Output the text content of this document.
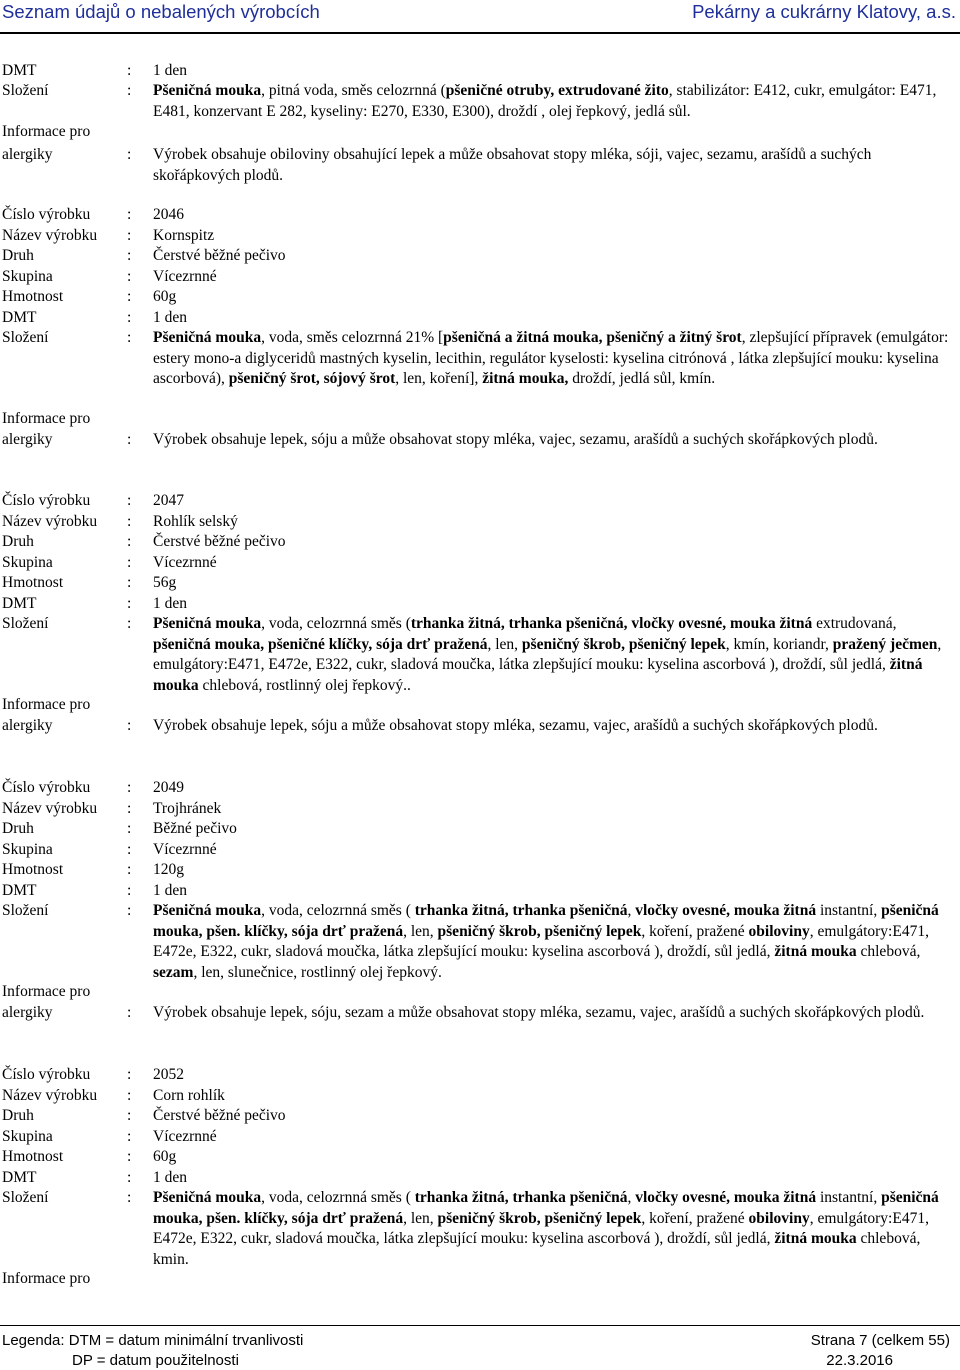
Seznam údajů o nebalených výrobcích	Pekárny a cukrárny Klatovy, a.s.
DMT	: 1 den
Složení	: Pšeničná mouka, pitná voda, směs celozrnná (pšeničné otruby, extrudované žito, stabilizátor: E412, cukr, emulgátor: E471, E481, konzervant E 282, kyseliny: E270, E330, E300), droždí , olej řepkový, jedlá sůl.
Informace pro
alergiky	: Výrobek obsahuje obiloviny obsahující lepek a může obsahovat stopy mléka, sóji, vajec, sezamu, arašídů a suchých skořápkových plodů.
Číslo výrobku : 2046
Název výrobku : Kornspitz
Druh	: Čerstvé běžné pečivo
Skupina	: Vícezrnné
Hmotnost	: 60g
DMT	: 1 den
Složení	: Pšeničná mouka, voda, směs celozrnná 21% [pšeničná a žitná mouka, pšeničný a žitný šrot, zlepšující přípravek (emulgátor: estery mono-a diglyceridů mastných kyselin, lecithin, regulátor kyselosti: kyselina citrónová , látka zlepšující mouku: kyselina ascorbová), pšeničný šrot, sójový šrot, len, koření], žitná mouka, droždí, jedlá sůl, kmín.
Informace pro
alergiky	: Výrobek obsahuje lepek, sóju a může obsahovat stopy mléka, vajec, sezamu, arašídů a suchých skořápkových plodů.
Číslo výrobku : 2047
Název výrobku : Rohlík selský
Druh	: Čerstvé běžné pečivo
Skupina	: Vícezrnné
Hmotnost	: 56g
DMT	: 1 den
Složení	: Pšeničná mouka, voda, celozrnná směs (trhanka žitná, trhanka pšeničná, vločky ovesné, mouka žitná extrudovaná, pšeničná mouka, pšeničné klíčky, sója drť pražená, len, pšeničný škrob, pšeničný lepek, kmín, koriandr, pražený ječmen, emulgátory:E471, E472e, E322, cukr, sladová moučka, látka zlepšující mouku: kyselina ascorbová ), droždí, sůl jedlá, žitná mouka chlebová, rostlinný olej řepkový..
Informace pro
alergiky	: Výrobek obsahuje lepek, sóju a může obsahovat stopy mléka, sezamu, vajec, arašídů a suchých skořápkových plodů.
Číslo výrobku : 2049
Název výrobku : Trojhránek
Druh	: Běžné pečivo
Skupina	: Vícezrnné
Hmotnost	: 120g
DMT	: 1 den
Složení	: Pšeničná mouka, voda, celozrnná směs ( trhanka žitná, trhanka pšeničná, vločky ovesné, mouka žitná instantní, pšeničná mouka, pšen. klíčky, sója drť pražená, len, pšeničný škrob, pšeničný lepek, koření, pražené obiloviny, emulgátory:E471, E472e, E322, cukr, sladová moučka, látka zlepšující mouku: kyselina ascorbová ), droždí, sůl jedlá, žitná mouka chlebová, sezam, len, slunečnice, rostlinný olej řepkový.
Informace pro
alergiky	: Výrobek obsahuje lepek, sóju, sezam a může obsahovat stopy mléka, sezamu, vajec, arašídů a suchých skořápkových plodů.
Číslo výrobku : 2052
Název výrobku : Corn rohlík
Druh	: Čerstvé běžné pečivo
Skupina	: Vícezrnné
Hmotnost	: 60g
DMT	: 1 den
Složení	: Pšeničná mouka, voda, celozrnná směs ( trhanka žitná, trhanka pšeničná, vločky ovesné, mouka žitná instantní, pšeničná mouka, pšen. klíčky, sója drť pražená, len, pšeničný škrob, pšeničný lepek, koření, pražené obiloviny, emulgátory:E471, E472e, E322, cukr, sladová moučka, látka zlepšující mouku: kyselina ascorbová ), droždí, sůl jedlá, žitná mouka chlebová, kmin.
Informace pro
Legenda: DTM = datum minimální trvanlivosti
DP = datum použitelnosti
Strana 7 (celkem 55)
22.3.2016
